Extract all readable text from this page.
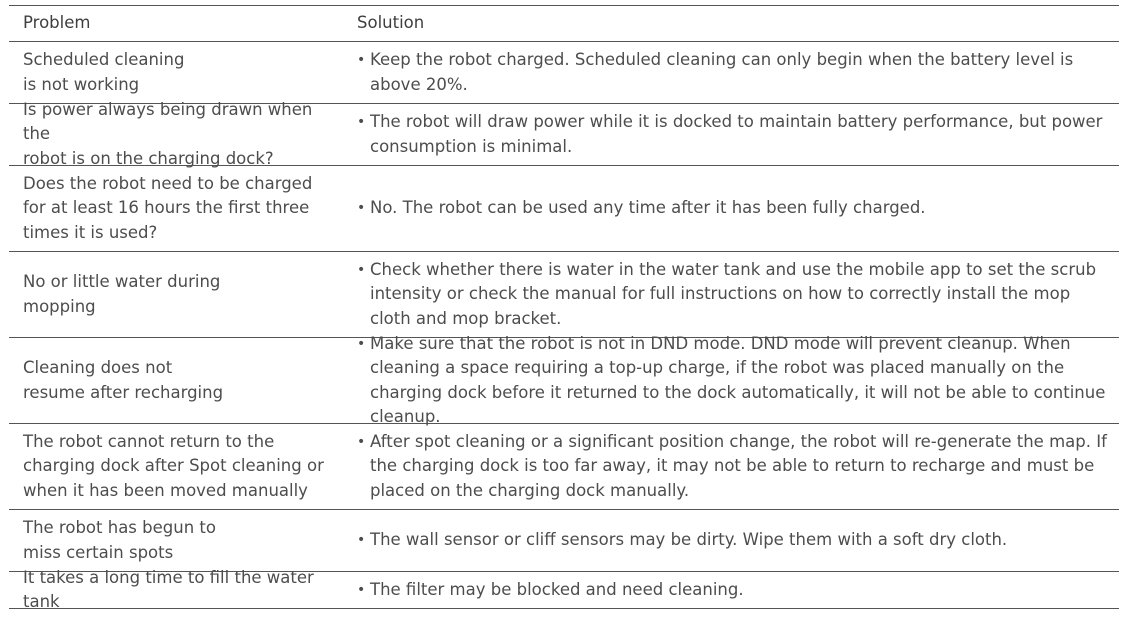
Problem	Solution
Scheduled cleaning
is not working
• Keep the robot charged. Scheduled cleaning can only begin when the battery level is above 20%.
Is power always being drawn when the
robot is on the charging dock?
• The robot will draw power while it is docked to maintain battery performance, but power consumption is minimal.
Does the robot need to be charged
for at least 16 hours the first three
times it is used?
• No. The robot can be used any time after it has been fully charged.
No or little water during
mopping
• Check whether there is water in the water tank and use the mobile app to set the scrub intensity or check the manual for full instructions on how to correctly install the mop cloth and mop bracket.
Cleaning does not
resume after recharging
• Make sure that the robot is not in DND mode. DND mode will prevent cleanup. When cleaning a space requiring a top-up charge, if the robot was placed manually on the charging dock before it returned to the dock automatically, it will not be able to continue cleanup.
The robot cannot return to the
charging dock after Spot cleaning or
when it has been moved manually
• After spot cleaning or a significant position change, the robot will re-generate the map. If the charging dock is too far away, it may not be able to return to recharge and must be placed on the charging dock manually.
The robot has begun to
miss certain spots
• The wall sensor or cliff sensors may be dirty. Wipe them with a soft dry cloth.
It takes a long time to fill the water tank
• The filter may be blocked and need cleaning.
